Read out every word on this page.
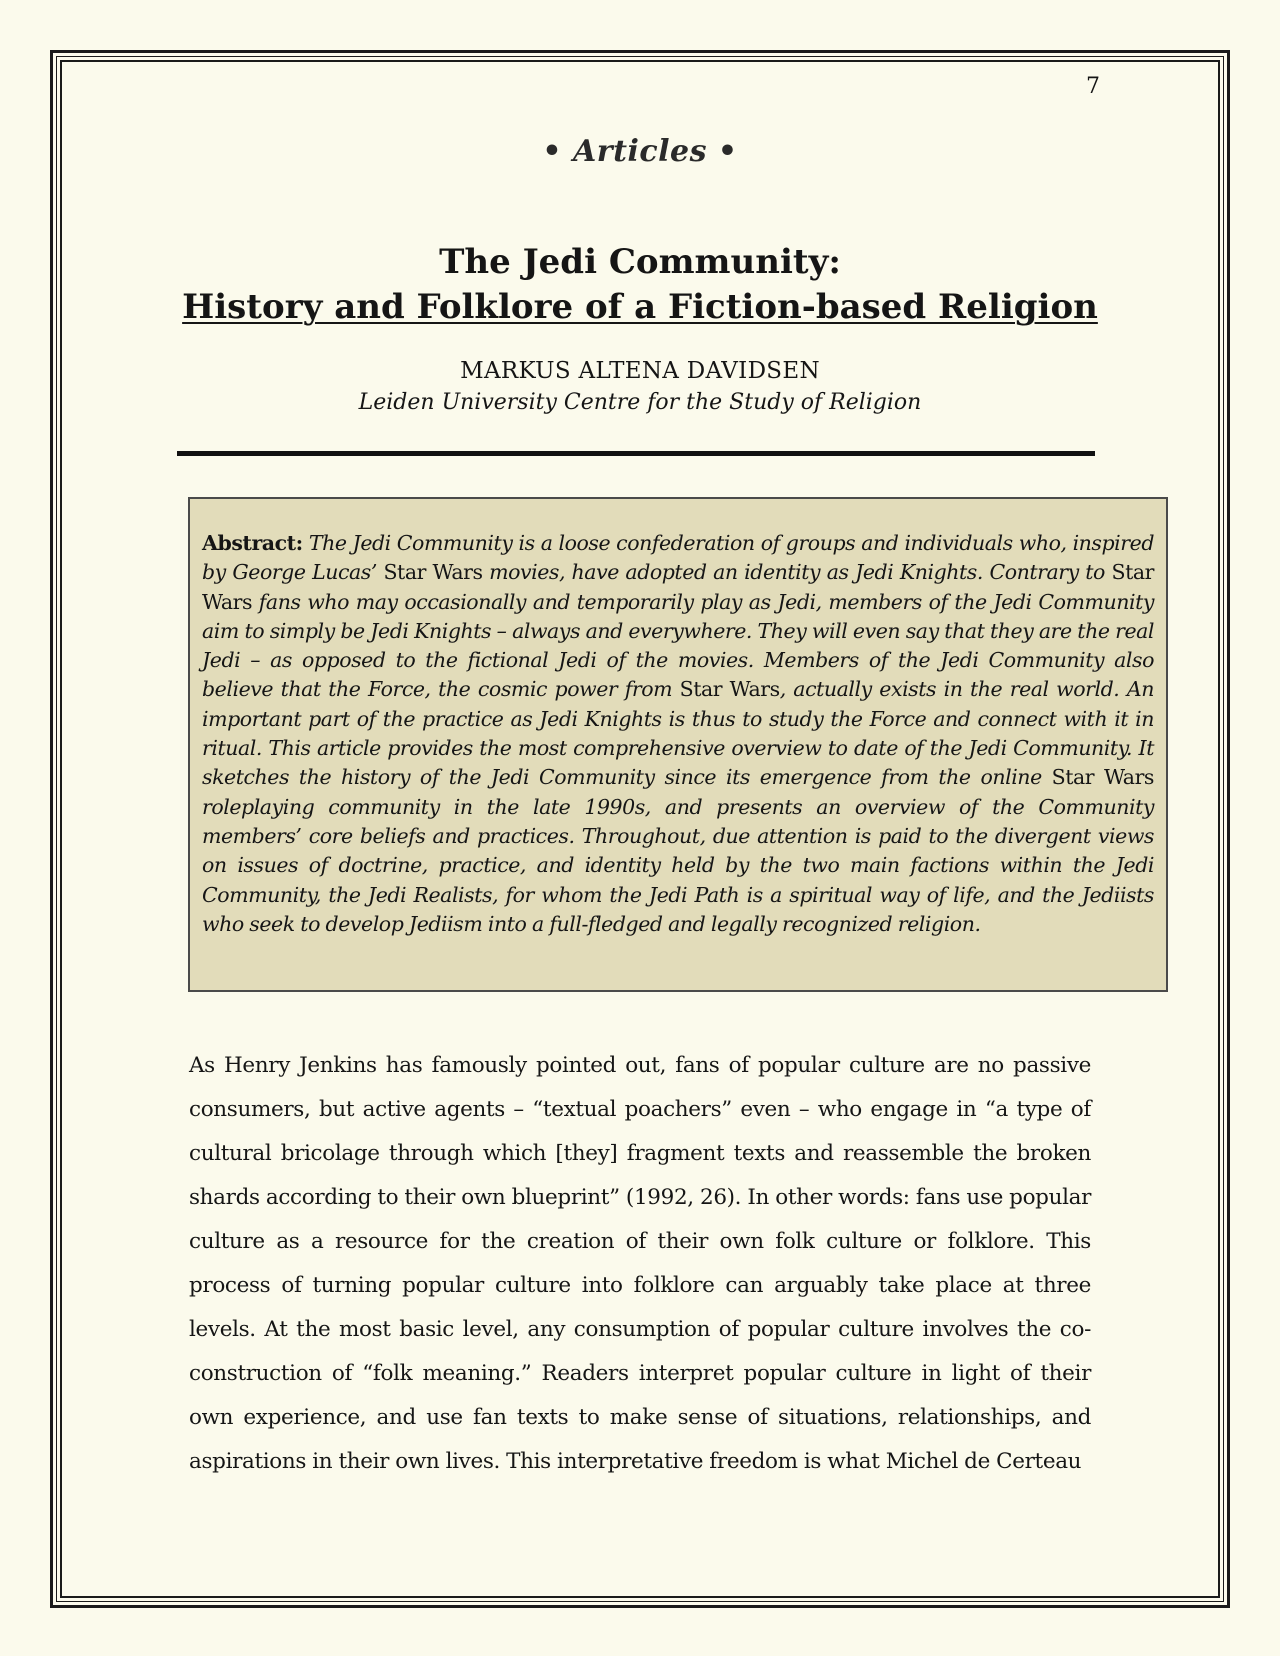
7
• Articles •
The Jedi Community:
History and Folklore of a Fiction-based Religion
MARKUS ALTENA DAVIDSEN
Leiden University Centre for the Study of Religion

Abstract: The Jedi Community is a loose confederation of groups and individuals who, inspired by George Lucas’ Star Wars movies, have adopted an identity as Jedi Knights. Contrary to Star Wars fans who may occasionally and temporarily play as Jedi, members of the Jedi Community aim to simply be Jedi Knights – always and everywhere. They will even say that they are the real Jedi – as opposed to the fictional Jedi of the movies. Members of the Jedi Community also believe that the Force, the cosmic power from Star Wars, actually exists in the real world. An important part of the practice as Jedi Knights is thus to study the Force and connect with it in ritual. This article provides the most comprehensive overview to date of the Jedi Community. It sketches the history of the Jedi Community since its emergence from the online Star Wars roleplaying community in the late 1990s, and presents an overview of the Community members’ core beliefs and practices. Throughout, due attention is paid to the divergent views on issues of doctrine, practice, and identity held by the two main factions within the Jedi Community, the Jedi Realists, for whom the Jedi Path is a spiritual way of life, and the Jediists who seek to develop Jediism into a full-fledged and legally recognized religion.

As Henry Jenkins has famously pointed out, fans of popular culture are no passive consumers, but active agents – “textual poachers” even – who engage in “a type of cultural bricolage through which [they] fragment texts and reassemble the broken shards according to their own blueprint” (1992, 26). In other words: fans use popular culture as a resource for the creation of their own folk culture or folklore. This process of turning popular culture into folklore can arguably take place at three levels. At the most basic level, any consumption of popular culture involves the co-construction of “folk meaning.” Readers interpret popular culture in light of their own experience, and use fan texts to make sense of situations, relationships, and aspirations in their own lives. This interpretative freedom is what Michel de Certeau
